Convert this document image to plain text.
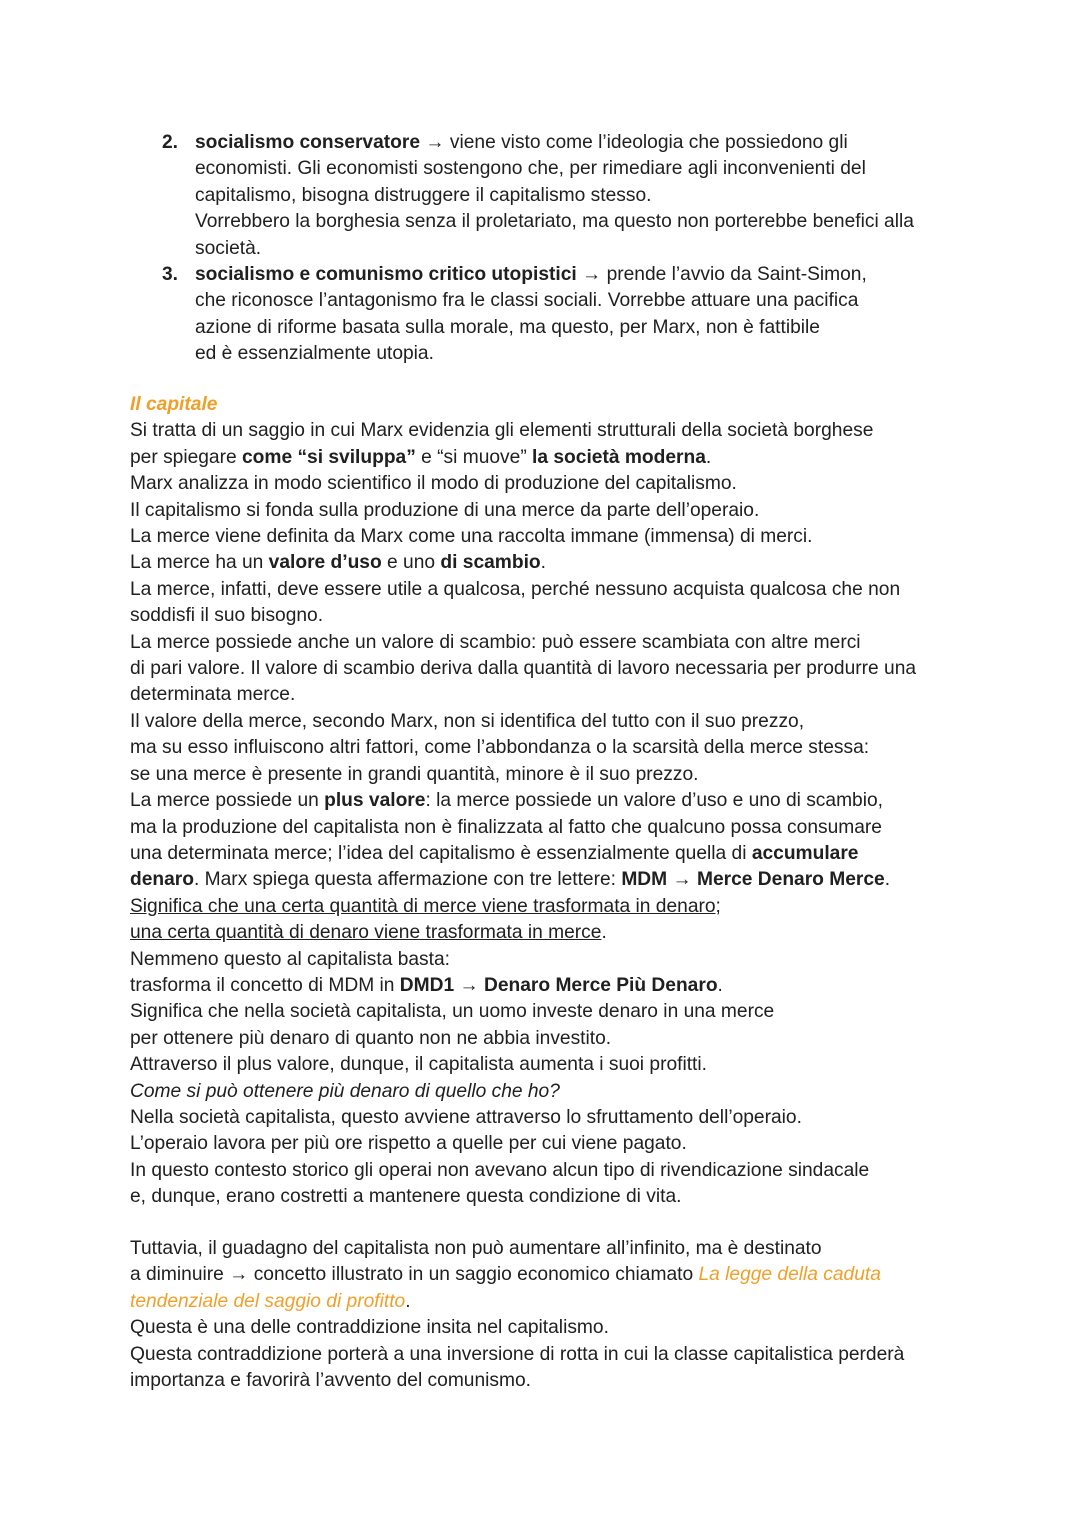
2. socialismo conservatore → viene visto come l’ideologia che possiedono gli
economisti. Gli economisti sostengono che, per rimediare agli inconvenienti del
capitalismo, bisogna distruggere il capitalismo stesso.
Vorrebbero la borghesia senza il proletariato, ma questo non porterebbe benefici alla
società.
3. socialismo e comunismo critico utopistici → prende l’avvio da Saint-Simon,
che riconosce l’antagonismo fra le classi sociali. Vorrebbe attuare una pacifica
azione di riforme basata sulla morale, ma questo, per Marx, non è fattibile
ed è essenzialmente utopia.
Il capitale
Si tratta di un saggio in cui Marx evidenzia gli elementi strutturali della società borghese
per spiegare come “si sviluppa” e “si muove” la società moderna.
Marx analizza in modo scientifico il modo di produzione del capitalismo.
Il capitalismo si fonda sulla produzione di una merce da parte dell’operaio.
La merce viene definita da Marx come una raccolta immane (immensa) di merci.
La merce ha un valore d’uso e uno di scambio.
La merce, infatti, deve essere utile a qualcosa, perché nessuno acquista qualcosa che non
soddisfi il suo bisogno.
La merce possiede anche un valore di scambio: può essere scambiata con altre merci
di pari valore. Il valore di scambio deriva dalla quantità di lavoro necessaria per produrre una
determinata merce.
Il valore della merce, secondo Marx, non si identifica del tutto con il suo prezzo,
ma su esso influiscono altri fattori, come l’abbondanza o la scarsità della merce stessa:
se una merce è presente in grandi quantità, minore è il suo prezzo.
La merce possiede un plus valore: la merce possiede un valore d’uso e uno di scambio,
ma la produzione del capitalista non è finalizzata al fatto che qualcuno possa consumare
una determinata merce; l’idea del capitalismo è essenzialmente quella di accumulare
denaro. Marx spiega questa affermazione con tre lettere: MDM → Merce Denaro Merce.
Significa che una certa quantità di merce viene trasformata in denaro;
una certa quantità di denaro viene trasformata in merce.
Nemmeno questo al capitalista basta:
trasforma il concetto di MDM in DMD1 → Denaro Merce Più Denaro.
Significa che nella società capitalista, un uomo investe denaro in una merce
per ottenere più denaro di quanto non ne abbia investito.
Attraverso il plus valore, dunque, il capitalista aumenta i suoi profitti.
Come si può ottenere più denaro di quello che ho?
Nella società capitalista, questo avviene attraverso lo sfruttamento dell’operaio.
L’operaio lavora per più ore rispetto a quelle per cui viene pagato.
In questo contesto storico gli operai non avevano alcun tipo di rivendicazione sindacale
e, dunque, erano costretti a mantenere questa condizione di vita.
Tuttavia, il guadagno del capitalista non può aumentare all’infinito, ma è destinato
a diminuire → concetto illustrato in un saggio economico chiamato La legge della caduta
tendenziale del saggio di profitto.
Questa è una delle contraddizione insita nel capitalismo.
Questa contraddizione porterà a una inversione di rotta in cui la classe capitalistica perderà
importanza e favorirà l’avvento del comunismo.
